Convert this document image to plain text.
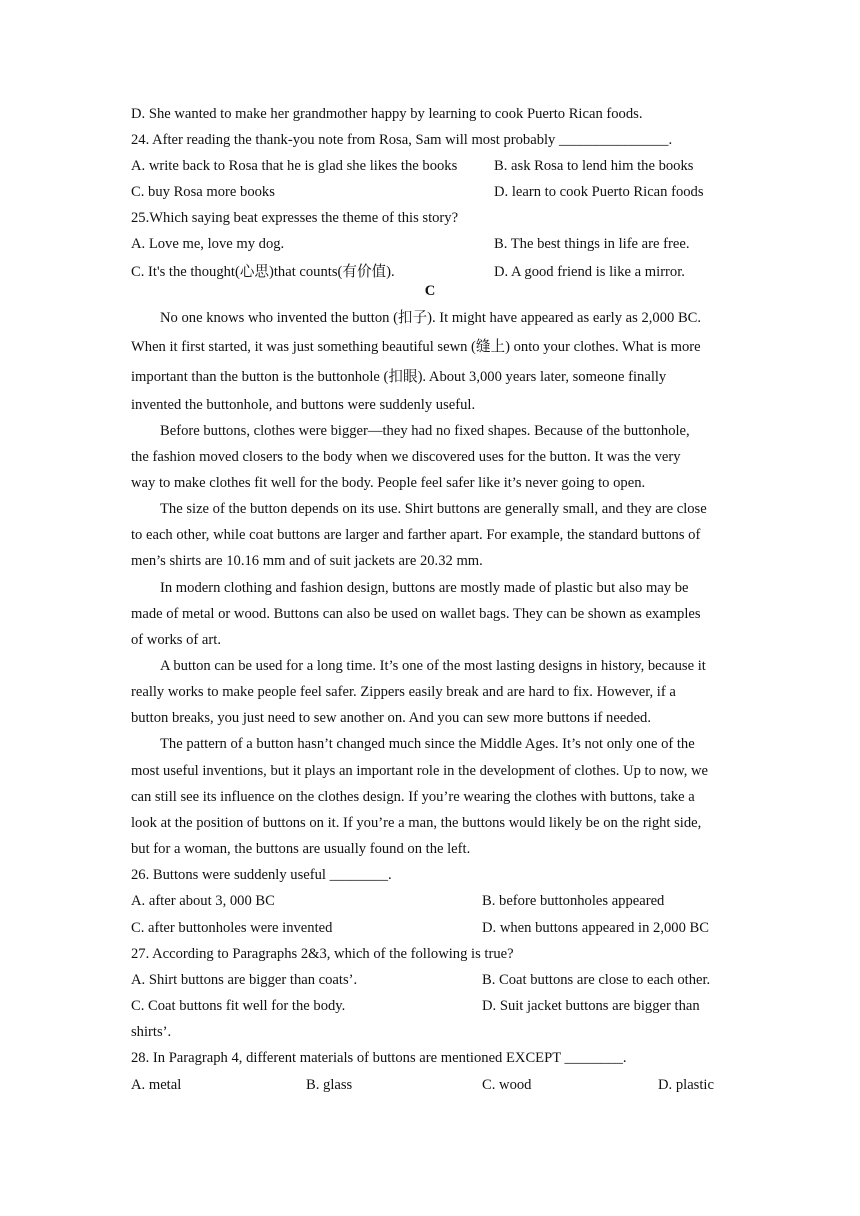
D. She wanted to make her grandmother happy by learning to cook Puerto Rican foods.
24. After reading the thank-you note from Rosa, Sam will most probably _______________.
A. write back to Rosa that he is glad she likes the books	B. ask Rosa to lend him the books
C. buy Rosa more books	D. learn to cook Puerto Rican foods
25.Which saying beat expresses the theme of this story?
A. Love me, love my dog.	B. The best things in life are free.
C. It's the thought(心思)that counts(有价值).	D. A good friend is like a mirror.
C
No one knows who invented the button (扣子). It might have appeared as early as 2,000 BC.
When it first started, it was just something beautiful sewn (缝上) onto your clothes. What is more
important than the button is the buttonhole (扣眼). About 3,000 years later, someone finally
invented the buttonhole, and buttons were suddenly useful.
Before buttons, clothes were bigger—they had no fixed shapes. Because of the buttonhole,
the fashion moved closers to the body when we discovered uses for the button. It was the very
way to make clothes fit well for the body. People feel safer like it’s never going to open.
The size of the button depends on its use. Shirt buttons are generally small, and they are close
to each other, while coat buttons are larger and farther apart. For example, the standard buttons of
men’s shirts are 10.16 mm and of suit jackets are 20.32 mm.
In modern clothing and fashion design, buttons are mostly made of plastic but also may be
made of metal or wood. Buttons can also be used on wallet bags. They can be shown as examples
of works of art.
A button can be used for a long time. It’s one of the most lasting designs in history, because it
really works to make people feel safer. Zippers easily break and are hard to fix. However, if a
button breaks, you just need to sew another on. And you can sew more buttons if needed.
The pattern of a button hasn’t changed much since the Middle Ages. It’s not only one of the
most useful inventions, but it plays an important role in the development of clothes. Up to now, we
can still see its influence on the clothes design. If you’re wearing the clothes with buttons, take a
look at the position of buttons on it. If you’re a man, the buttons would likely be on the right side,
but for a woman, the buttons are usually found on the left.
26. Buttons were suddenly useful ________.
A. after about 3, 000 BC	B. before buttonholes appeared
C. after buttonholes were invented	D. when buttons appeared in 2,000 BC
27. According to Paragraphs 2&3, which of the following is true?
A. Shirt buttons are bigger than coats’.	B. Coat buttons are close to each other.
C. Coat buttons fit well for the body.	D. Suit jacket buttons are bigger than
shirts’.
28. In Paragraph 4, different materials of buttons are mentioned EXCEPT ________.
A. metal	B. glass	C. wood	D. plastic
